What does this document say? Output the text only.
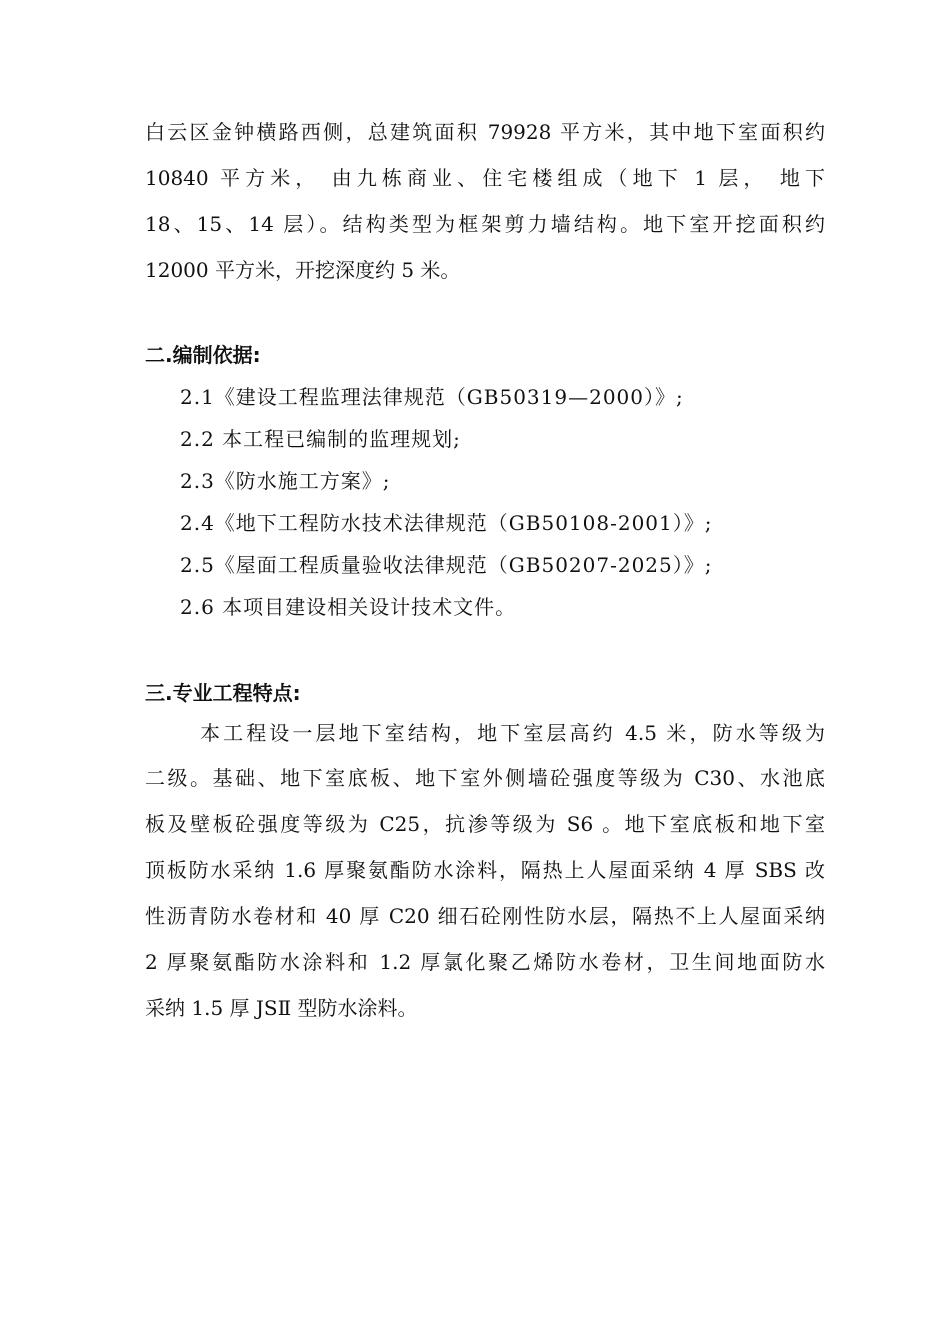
白云区金钟横路西侧，总建筑面积 79928 平方米，其中地下室面积约
10840 平方米， 由九栋商业、住宅楼组成（地下 1 层， 地下
18、15、14 层）。结构类型为框架剪力墙结构。地下室开挖面积约
12000 平方米，开挖深度约 5 米。
二.编制依据:
2.1《建设工程监理法律规范（GB50319—2000）》;
2.2 本工程已编制的监理规划;
2.3《防水施工方案》;
2.4《地下工程防水技术法律规范（GB50108-2001）》;
2.5《屋面工程质量验收法律规范（GB50207-2025）》;
2.6 本项目建设相关设计技术文件。
三.专业工程特点:
本工程设一层地下室结构，地下室层高约 4.5 米，防水等级为
二级。基础、地下室底板、地下室外侧墙砼强度等级为 C30、水池底
板及壁板砼强度等级为 C25，抗渗等级为 S6 。地下室底板和地下室
顶板防水采纳 1.6 厚聚氨酯防水涂料，隔热上人屋面采纳 4 厚 SBS 改
性沥青防水卷材和 40 厚 C20 细石砼刚性防水层，隔热不上人屋面采纳
2 厚聚氨酯防水涂料和 1.2 厚氯化聚乙烯防水卷材，卫生间地面防水
采纳 1.5 厚 JSⅡ 型防水涂料。
